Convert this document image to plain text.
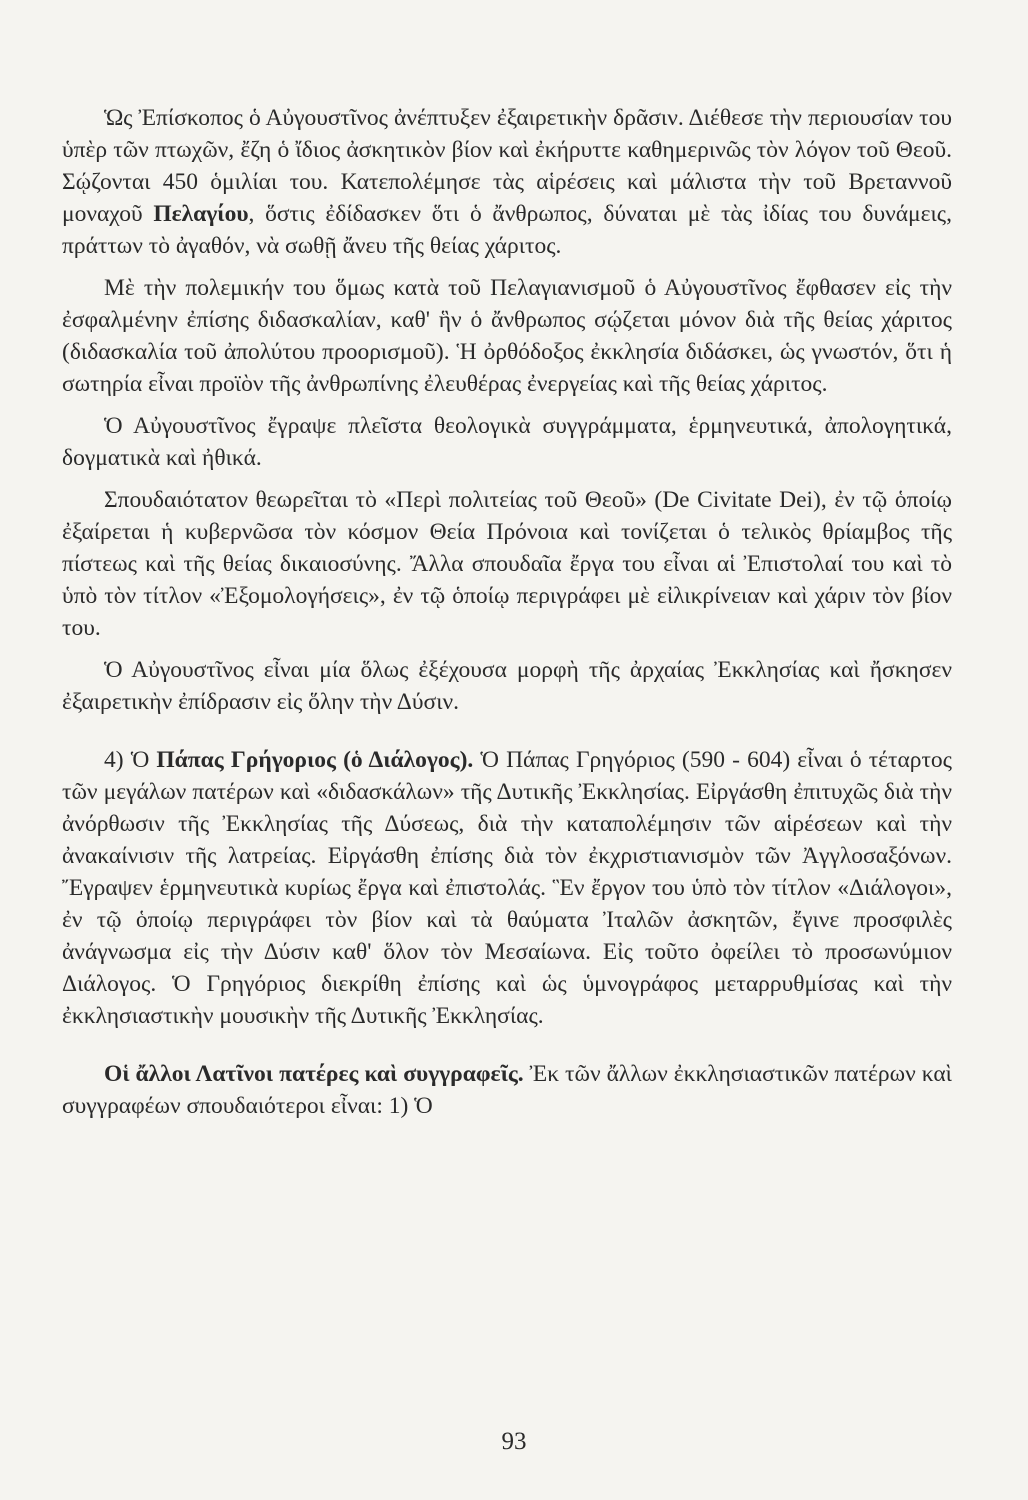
Ὡς Ἐπίσκοπος ὁ Αὐγουστῖνος ἀνέπτυξεν ἐξαιρετικὴν δρᾶσιν. Διέθεσε τὴν περιουσίαν του ὑπὲρ τῶν πτωχῶν, ἔζη ὁ ἴδιος ἀσκητικὸν βίον καὶ ἐκήρυττε καθημερινῶς τὸν λόγον τοῦ Θεοῦ. Σῴζονται 450 ὁμιλίαι του. Κατεπολέμησε τὰς αἱρέσεις καὶ μάλιστα τὴν τοῦ Βρεταννοῦ μοναχοῦ Πελαγίου, ὅστις ἐδίδασκεν ὅτι ὁ ἄνθρωπος, δύναται μὲ τὰς ἰδίας του δυνάμεις, πράττων τὸ ἀγαθόν, νὰ σωθῇ ἄνευ τῆς θείας χάριτος.

Μὲ τὴν πολεμικήν του ὅμως κατὰ τοῦ Πελαγιανισμοῦ ὁ Αὐγουστῖνος ἔφθασεν εἰς τὴν ἐσφαλμένην ἐπίσης διδασκαλίαν, καθ' ἣν ὁ ἄνθρωπος σῴζεται μόνον διὰ τῆς θείας χάριτος (διδασκαλία τοῦ ἀπολύτου προορισμοῦ). Ἡ ὀρθόδοξος ἐκκλησία διδάσκει, ὡς γνωστόν, ὅτι ἡ σωτηρία εἶναι προϊὸν τῆς ἀνθρωπίνης ἐλευθέρας ἐνεργείας καὶ τῆς θείας χάριτος.

Ὁ Αὐγουστῖνος ἔγραψε πλεῖστα θεολογικὰ συγγράμματα, ἑρμηνευτικά, ἀπολογητικά, δογματικὰ καὶ ἠθικά.

Σπουδαιότατον θεωρεῖται τὸ «Περὶ πολιτείας τοῦ Θεοῦ» (De Civitate Dei), ἐν τῷ ὁποίῳ ἐξαίρεται ἡ κυβερνῶσα τὸν κόσμον Θεία Πρόνοια καὶ τονίζεται ὁ τελικὸς θρίαμβος τῆς πίστεως καὶ τῆς θείας δικαιοσύνης. Ἄλλα σπουδαῖα ἔργα του εἶναι αἱ Ἐπιστολαί του καὶ τὸ ὑπὸ τὸν τίτλον «Ἐξομολογήσεις», ἐν τῷ ὁποίῳ περιγράφει μὲ εἰλικρίνειαν καὶ χάριν τὸν βίον του.

Ὁ Αὐγουστῖνος εἶναι μία ὅλως ἐξέχουσα μορφὴ τῆς ἀρχαίας Ἐκκλησίας καὶ ἤσκησεν ἐξαιρετικὴν ἐπίδρασιν εἰς ὅλην τὴν Δύσιν.

4) Ὁ Πάπας Γρήγοριος (ὁ Διάλογος). Ὁ Πάπας Γρηγόριος (590 - 604) εἶναι ὁ τέταρτος τῶν μεγάλων πατέρων καὶ «διδασκάλων» τῆς Δυτικῆς Ἐκκλησίας. Εἰργάσθη ἐπιτυχῶς διὰ τὴν ἀνόρθωσιν τῆς Ἐκκλησίας τῆς Δύσεως, διὰ τὴν καταπολέμησιν τῶν αἱρέσεων καὶ τὴν ἀνακαίνισιν τῆς λατρείας. Εἰργάσθη ἐπίσης διὰ τὸν ἐκχριστιανισμὸν τῶν Ἀγγλοσαξόνων. Ἔγραψεν ἑρμηνευτικὰ κυρίως ἔργα καὶ ἐπιστολάς. Ἓν ἔργον του ὑπὸ τὸν τίτλον «Διάλογοι», ἐν τῷ ὁποίῳ περιγράφει τὸν βίον καὶ τὰ θαύματα Ἰταλῶν ἀσκητῶν, ἔγινε προσφιλὲς ἀνάγνωσμα εἰς τὴν Δύσιν καθ' ὅλον τὸν Μεσαίωνα. Εἰς τοῦτο ὀφείλει τὸ προσωνύμιον Διάλογος. Ὁ Γρηγόριος διεκρίθη ἐπίσης καὶ ὡς ὑμνογράφος μεταρρυθμίσας καὶ τὴν ἐκκλησιαστικὴν μουσικὴν τῆς Δυτικῆς Ἐκκλησίας.

Οἱ ἄλλοι Λατῖνοι πατέρες καὶ συγγραφεῖς. Ἐκ τῶν ἄλλων ἐκκλησιαστικῶν πατέρων καὶ συγγραφέων σπουδαιότεροι εἶναι: 1) Ὁ

93
